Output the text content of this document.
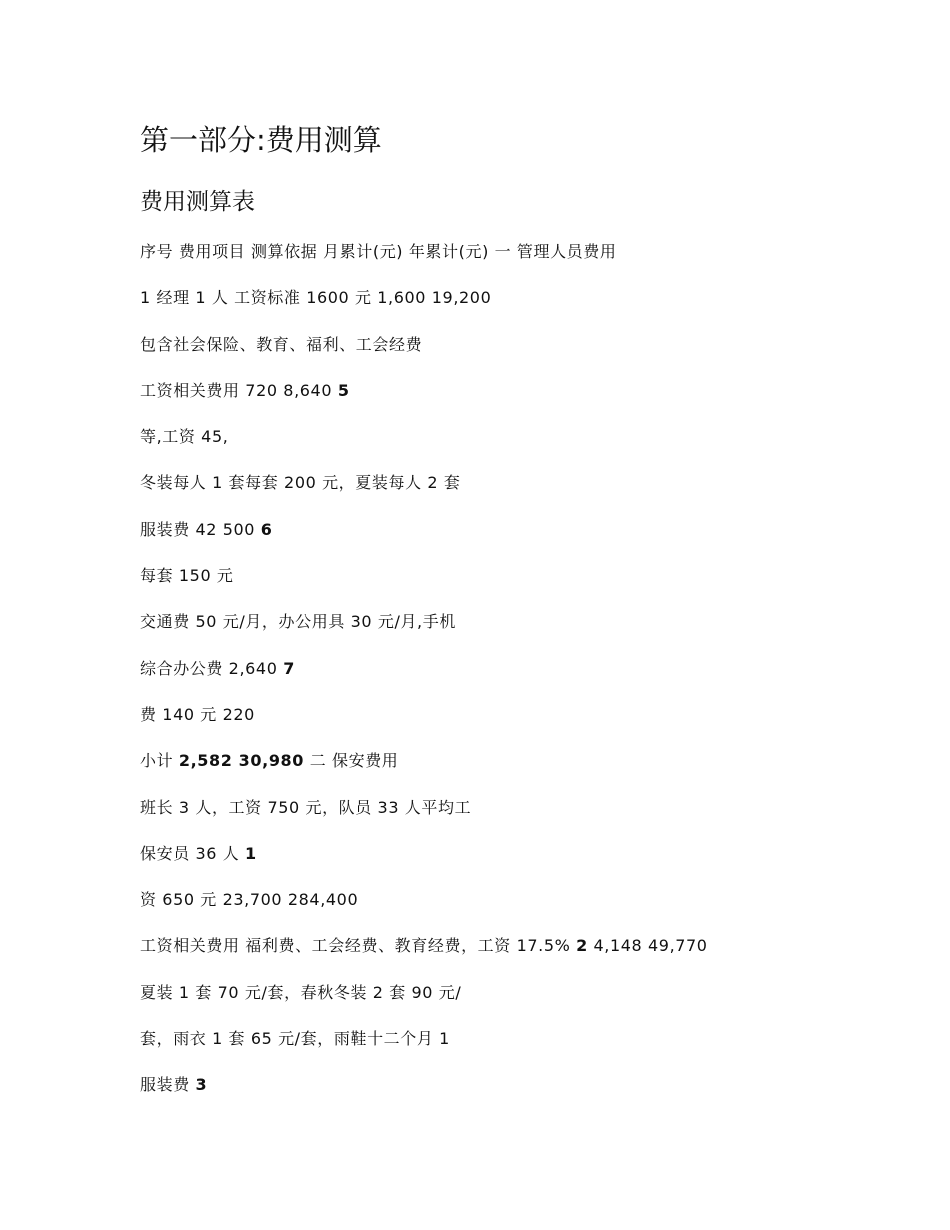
第一部分:费用测算
费用测算表
序号 费用项目 测算依据 月累计(元) 年累计(元) 一 管理人员费用
1 经理 1 人 工资标准 1600 元 1,600 19,200
包含社会保险、教育、福利、工会经费
工资相关费用 720 8,640 5
等,工资 45,
冬装每人 1 套每套 200 元，夏装每人 2 套
服装费 42 500 6
每套 150 元
交通费 50 元/月，办公用具 30 元/月,手机
综合办公费 2,640 7
费 140 元 220
小计 2,582 30,980 二 保安费用
班长 3 人，工资 750 元，队员 33 人平均工
保安员 36 人 1
资 650 元 23,700 284,400
工资相关费用 福利费、工会经费、教育经费，工资 17.5% 2 4,148 49,770
夏装 1 套 70 元/套，春秋冬装 2 套 90 元/
套，雨衣 1 套 65 元/套，雨鞋十二个月 1
服装费 3
